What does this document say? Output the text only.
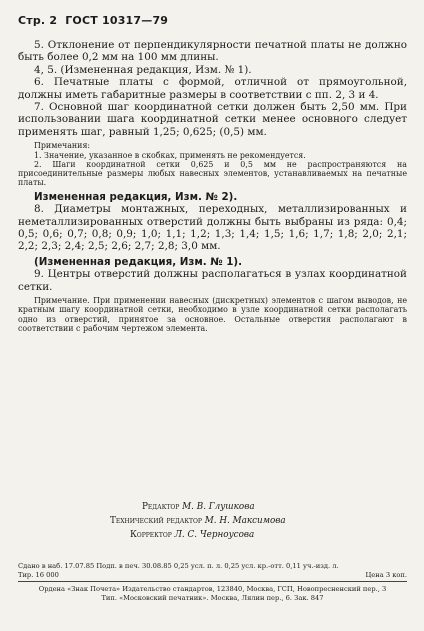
Стр. 2 ГОСТ 10317—79

5. Отклонение от перпендикулярности печатной платы не должно быть более 0,2 мм на 100 мм длины.

4, 5. (Измененная редакция, Изм. № 1).

6. Печатные платы с формой, отличной от прямоугольной, должны иметь габаритные размеры в соответствии с пп. 2, 3 и 4.

7. Основной шаг координатной сетки должен быть 2,50 мм. При использовании шага координатной сетки менее основного следует применять шаг, равный 1,25; 0,625; (0,5) мм.

Примечания:

1. Значение, указанное в скобках, применять не рекомендуется.

2. Шаги координатной сетки 0,625 и 0,5 мм не распространяются на присоединительные размеры любых навесных элементов, устанавливаемых на печатные платы.

Измененная редакция, Изм. № 2).

8. Диаметры монтажных, переходных, металлизированных и неметаллизированных отверстий должны быть выбраны из ряда: 0,4; 0,5; 0,6; 0,7; 0,8; 0,9; 1,0; 1,1; 1,2; 1,3; 1,4; 1,5; 1,6; 1,7; 1,8; 2,0; 2,1; 2,2; 2,3; 2,4; 2,5; 2,6; 2,7; 2,8; 3,0 мм.

(Измененная редакция, Изм. № 1).

9. Центры отверстий должны располагаться в узлах координатной сетки.

Примечание. При применении навесных (дискретных) элементов с шагом выводов, не кратным шагу координатной сетки, необходимо в узле координатной сетки располагать одно из отверстий, принятое за основное. Остальные отверстия располагают в соответствии с рабочим чертежом элемента.

Редактор М. В. Глушкова
Технический редактор М. Н. Максимова
Корректор Л. С. Черноусова
Сдано в наб. 17.07.85 Подп. в печ. 30.08.85 0,25 усл. п. л. 0,25 усл. кр.-отт. 0,11 уч.-изд. л.
Тир. 16 000	Цена 3 коп.
Ордена «Знак Почета» Издательство стандартов, 123840, Москва, ГСП, Новопресненский пер., 3
Тип. «Московский печатник». Москва, Лялин пер., 6. Зак. 847
